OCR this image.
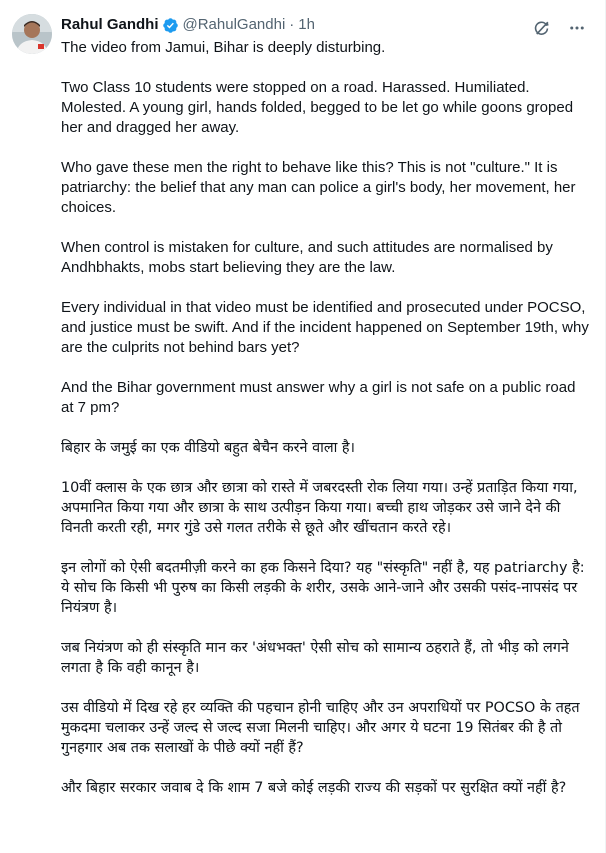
Rahul Gandhi @RahulGandhi · 1h

The video from Jamui, Bihar is deeply disturbing.

Two Class 10 students were stopped on a road. Harassed. Humiliated. Molested. A young girl, hands folded, begged to be let go while goons groped her and dragged her away.

Who gave these men the right to behave like this? This is not "culture." It is patriarchy: the belief that any man can police a girl's body, her movement, her choices.

When control is mistaken for culture, and such attitudes are normalised by Andhbhakts, mobs start believing they are the law.

Every individual in that video must be identified and prosecuted under POCSO, and justice must be swift. And if the incident happened on September 19th, why are the culprits not behind bars yet?

And the Bihar government must answer why a girl is not safe on a public road at 7 pm?

बिहार के जमुई का एक वीडियो बहुत बेचैन करने वाला है।

10वीं क्लास के एक छात्र और छात्रा को रास्ते में जबरदस्ती रोक लिया गया। उन्हें प्रताड़ित किया गया, अपमानित किया गया और छात्रा के साथ उत्पीड़न किया गया। बच्ची हाथ जोड़कर उसे जाने देने की विनती करती रही, मगर गुंडे उसे गलत तरीके से छूते और खींचतान करते रहे।

इन लोगों को ऐसी बदतमीज़ी करने का हक किसने दिया? यह "संस्कृति" नहीं है, यह patriarchy है: ये सोच कि किसी भी पुरुष का किसी लड़की के शरीर, उसके आने-जाने और उसकी पसंद-नापसंद पर नियंत्रण है।

जब नियंत्रण को ही संस्कृति मान कर 'अंधभक्त' ऐसी सोच को सामान्य ठहराते हैं, तो भीड़ को लगने लगता है कि वही कानून है।

उस वीडियो में दिख रहे हर व्यक्ति की पहचान होनी चाहिए और उन अपराधियों पर POCSO के तहत मुकदमा चलाकर उन्हें जल्द से जल्द सजा मिलनी चाहिए। और अगर ये घटना 19 सितंबर की है तो गुनहगार अब तक सलाखों के पीछे क्यों नहीं हैं?

और बिहार सरकार जवाब दे कि शाम 7 बजे कोई लड़की राज्य की सड़कों पर सुरक्षित क्यों नहीं है?
